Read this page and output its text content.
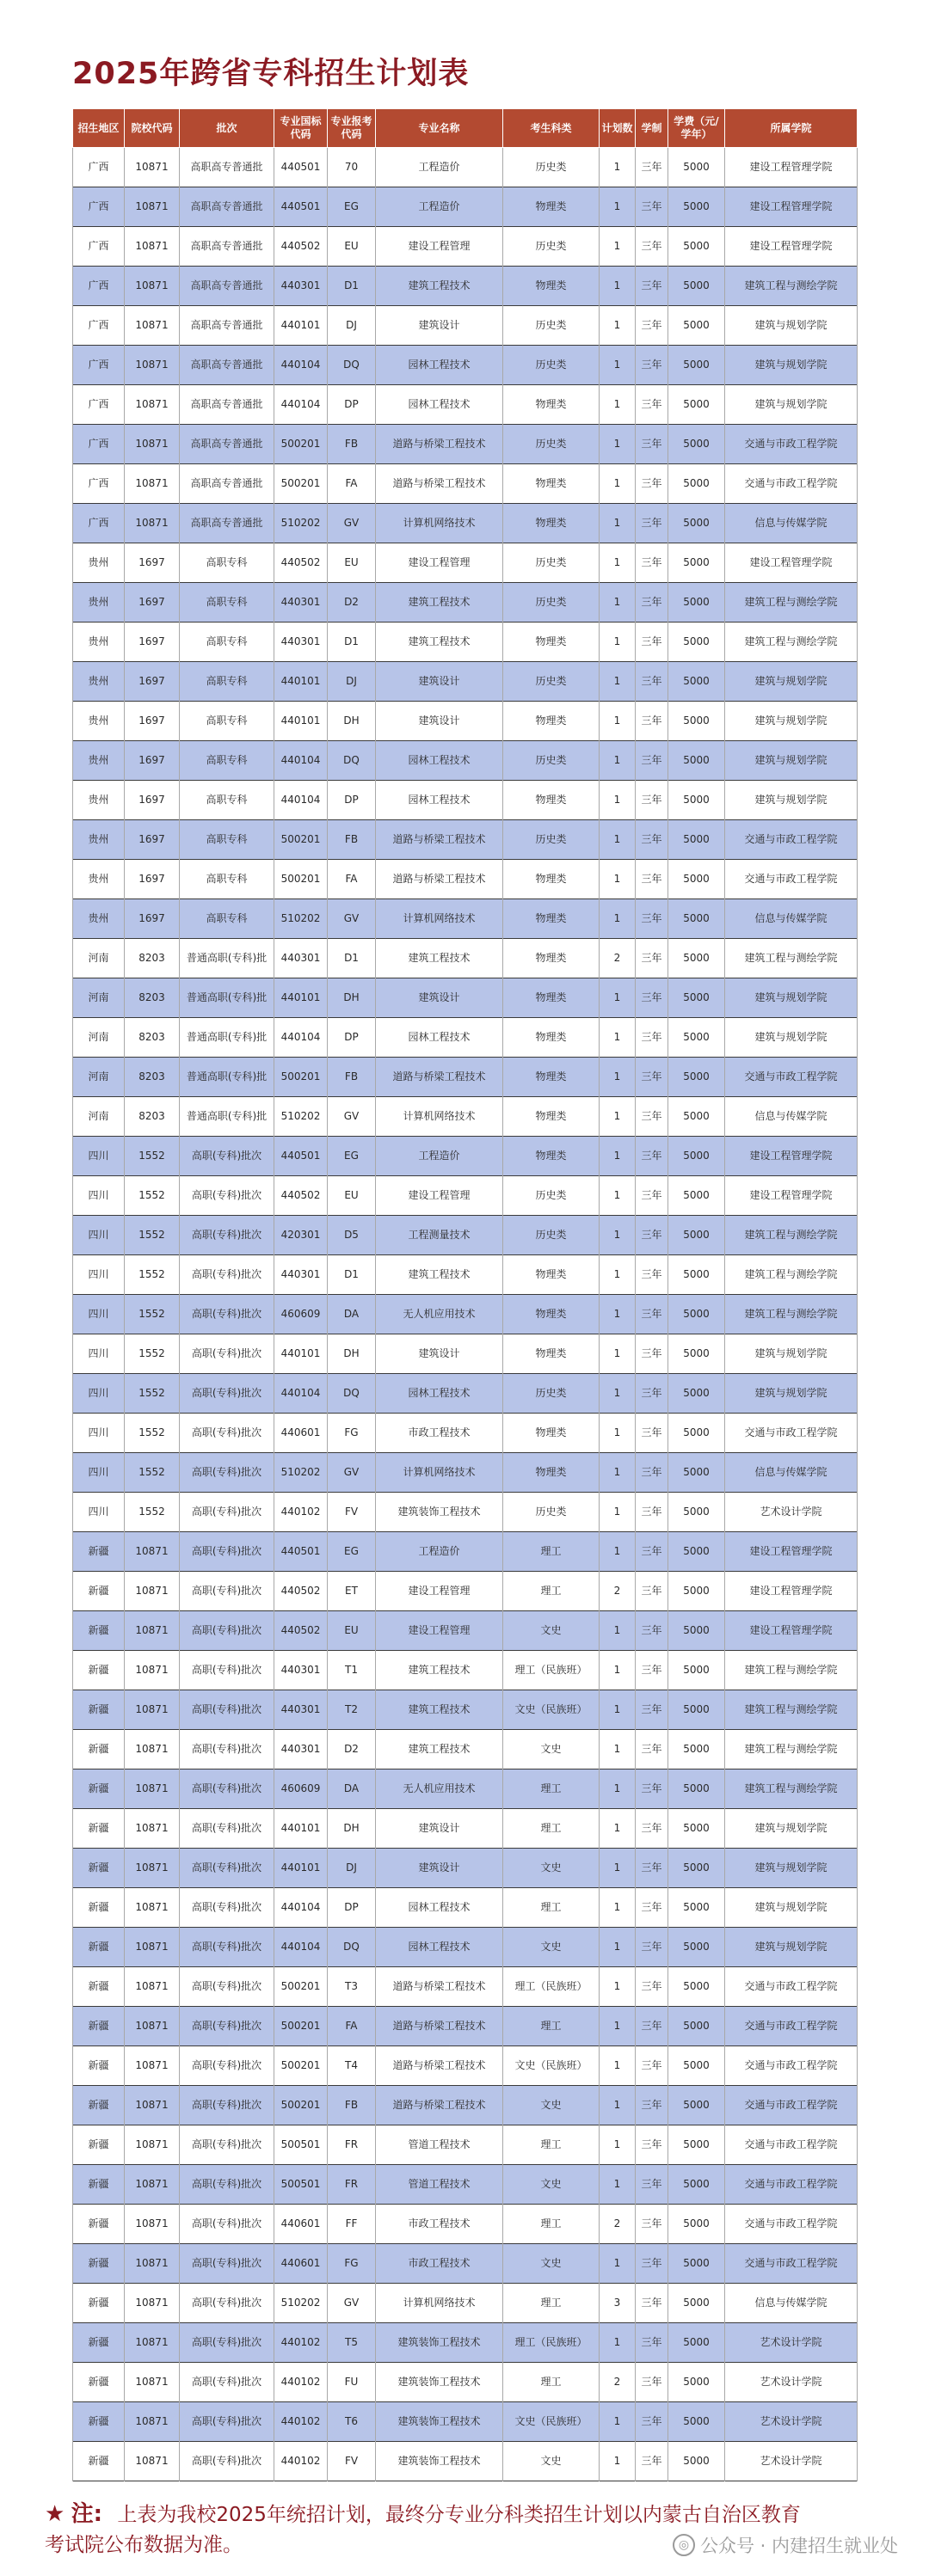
2025年跨省专科招生计划表
招生地区	院校代码	批次	专业国标代码	专业报考代码	专业名称	考生科类	计划数	学制	学费（元/学年）	所属学院
广西	10871	高职高专普通批	440501	70	工程造价	历史类	1	三年	5000	建设工程管理学院
广西	10871	高职高专普通批	440501	EG	工程造价	物理类	1	三年	5000	建设工程管理学院
广西	10871	高职高专普通批	440502	EU	建设工程管理	历史类	1	三年	5000	建设工程管理学院
广西	10871	高职高专普通批	440301	D1	建筑工程技术	物理类	1	三年	5000	建筑工程与测绘学院
广西	10871	高职高专普通批	440101	DJ	建筑设计	历史类	1	三年	5000	建筑与规划学院
广西	10871	高职高专普通批	440104	DQ	园林工程技术	历史类	1	三年	5000	建筑与规划学院
广西	10871	高职高专普通批	440104	DP	园林工程技术	物理类	1	三年	5000	建筑与规划学院
广西	10871	高职高专普通批	500201	FB	道路与桥梁工程技术	历史类	1	三年	5000	交通与市政工程学院
广西	10871	高职高专普通批	500201	FA	道路与桥梁工程技术	物理类	1	三年	5000	交通与市政工程学院
广西	10871	高职高专普通批	510202	GV	计算机网络技术	物理类	1	三年	5000	信息与传媒学院
贵州	1697	高职专科	440502	EU	建设工程管理	历史类	1	三年	5000	建设工程管理学院
贵州	1697	高职专科	440301	D2	建筑工程技术	历史类	1	三年	5000	建筑工程与测绘学院
贵州	1697	高职专科	440301	D1	建筑工程技术	物理类	1	三年	5000	建筑工程与测绘学院
贵州	1697	高职专科	440101	DJ	建筑设计	历史类	1	三年	5000	建筑与规划学院
贵州	1697	高职专科	440101	DH	建筑设计	物理类	1	三年	5000	建筑与规划学院
贵州	1697	高职专科	440104	DQ	园林工程技术	历史类	1	三年	5000	建筑与规划学院
贵州	1697	高职专科	440104	DP	园林工程技术	物理类	1	三年	5000	建筑与规划学院
贵州	1697	高职专科	500201	FB	道路与桥梁工程技术	历史类	1	三年	5000	交通与市政工程学院
贵州	1697	高职专科	500201	FA	道路与桥梁工程技术	物理类	1	三年	5000	交通与市政工程学院
贵州	1697	高职专科	510202	GV	计算机网络技术	物理类	1	三年	5000	信息与传媒学院
河南	8203	普通高职(专科)批	440301	D1	建筑工程技术	物理类	2	三年	5000	建筑工程与测绘学院
河南	8203	普通高职(专科)批	440101	DH	建筑设计	物理类	1	三年	5000	建筑与规划学院
河南	8203	普通高职(专科)批	440104	DP	园林工程技术	物理类	1	三年	5000	建筑与规划学院
河南	8203	普通高职(专科)批	500201	FB	道路与桥梁工程技术	物理类	1	三年	5000	交通与市政工程学院
河南	8203	普通高职(专科)批	510202	GV	计算机网络技术	物理类	1	三年	5000	信息与传媒学院
四川	1552	高职(专科)批次	440501	EG	工程造价	物理类	1	三年	5000	建设工程管理学院
四川	1552	高职(专科)批次	440502	EU	建设工程管理	历史类	1	三年	5000	建设工程管理学院
四川	1552	高职(专科)批次	420301	D5	工程测量技术	历史类	1	三年	5000	建筑工程与测绘学院
四川	1552	高职(专科)批次	440301	D1	建筑工程技术	物理类	1	三年	5000	建筑工程与测绘学院
四川	1552	高职(专科)批次	460609	DA	无人机应用技术	物理类	1	三年	5000	建筑工程与测绘学院
四川	1552	高职(专科)批次	440101	DH	建筑设计	物理类	1	三年	5000	建筑与规划学院
四川	1552	高职(专科)批次	440104	DQ	园林工程技术	历史类	1	三年	5000	建筑与规划学院
四川	1552	高职(专科)批次	440601	FG	市政工程技术	物理类	1	三年	5000	交通与市政工程学院
四川	1552	高职(专科)批次	510202	GV	计算机网络技术	物理类	1	三年	5000	信息与传媒学院
四川	1552	高职(专科)批次	440102	FV	建筑装饰工程技术	历史类	1	三年	5000	艺术设计学院
新疆	10871	高职(专科)批次	440501	EG	工程造价	理工	1	三年	5000	建设工程管理学院
新疆	10871	高职(专科)批次	440502	ET	建设工程管理	理工	2	三年	5000	建设工程管理学院
新疆	10871	高职(专科)批次	440502	EU	建设工程管理	文史	1	三年	5000	建设工程管理学院
新疆	10871	高职(专科)批次	440301	T1	建筑工程技术	理工（民族班）	1	三年	5000	建筑工程与测绘学院
新疆	10871	高职(专科)批次	440301	T2	建筑工程技术	文史（民族班）	1	三年	5000	建筑工程与测绘学院
新疆	10871	高职(专科)批次	440301	D2	建筑工程技术	文史	1	三年	5000	建筑工程与测绘学院
新疆	10871	高职(专科)批次	460609	DA	无人机应用技术	理工	1	三年	5000	建筑工程与测绘学院
新疆	10871	高职(专科)批次	440101	DH	建筑设计	理工	1	三年	5000	建筑与规划学院
新疆	10871	高职(专科)批次	440101	DJ	建筑设计	文史	1	三年	5000	建筑与规划学院
新疆	10871	高职(专科)批次	440104	DP	园林工程技术	理工	1	三年	5000	建筑与规划学院
新疆	10871	高职(专科)批次	440104	DQ	园林工程技术	文史	1	三年	5000	建筑与规划学院
新疆	10871	高职(专科)批次	500201	T3	道路与桥梁工程技术	理工（民族班）	1	三年	5000	交通与市政工程学院
新疆	10871	高职(专科)批次	500201	FA	道路与桥梁工程技术	理工	1	三年	5000	交通与市政工程学院
新疆	10871	高职(专科)批次	500201	T4	道路与桥梁工程技术	文史（民族班）	1	三年	5000	交通与市政工程学院
新疆	10871	高职(专科)批次	500201	FB	道路与桥梁工程技术	文史	1	三年	5000	交通与市政工程学院
新疆	10871	高职(专科)批次	500501	FR	管道工程技术	理工	1	三年	5000	交通与市政工程学院
新疆	10871	高职(专科)批次	500501	FR	管道工程技术	文史	1	三年	5000	交通与市政工程学院
新疆	10871	高职(专科)批次	440601	FF	市政工程技术	理工	2	三年	5000	交通与市政工程学院
新疆	10871	高职(专科)批次	440601	FG	市政工程技术	文史	1	三年	5000	交通与市政工程学院
新疆	10871	高职(专科)批次	510202	GV	计算机网络技术	理工	3	三年	5000	信息与传媒学院
新疆	10871	高职(专科)批次	440102	T5	建筑装饰工程技术	理工（民族班）	1	三年	5000	艺术设计学院
新疆	10871	高职(专科)批次	440102	FU	建筑装饰工程技术	理工	2	三年	5000	艺术设计学院
新疆	10871	高职(专科)批次	440102	T6	建筑装饰工程技术	文史（民族班）	1	三年	5000	艺术设计学院
新疆	10871	高职(专科)批次	440102	FV	建筑装饰工程技术	文史	1	三年	5000	艺术设计学院
★ 注: 上表为我校2025年统招计划，最终分专业分科类招生计划以内蒙古自治区教育考试院公布数据为准。	◎ 公众号 · 内建招生就业处
